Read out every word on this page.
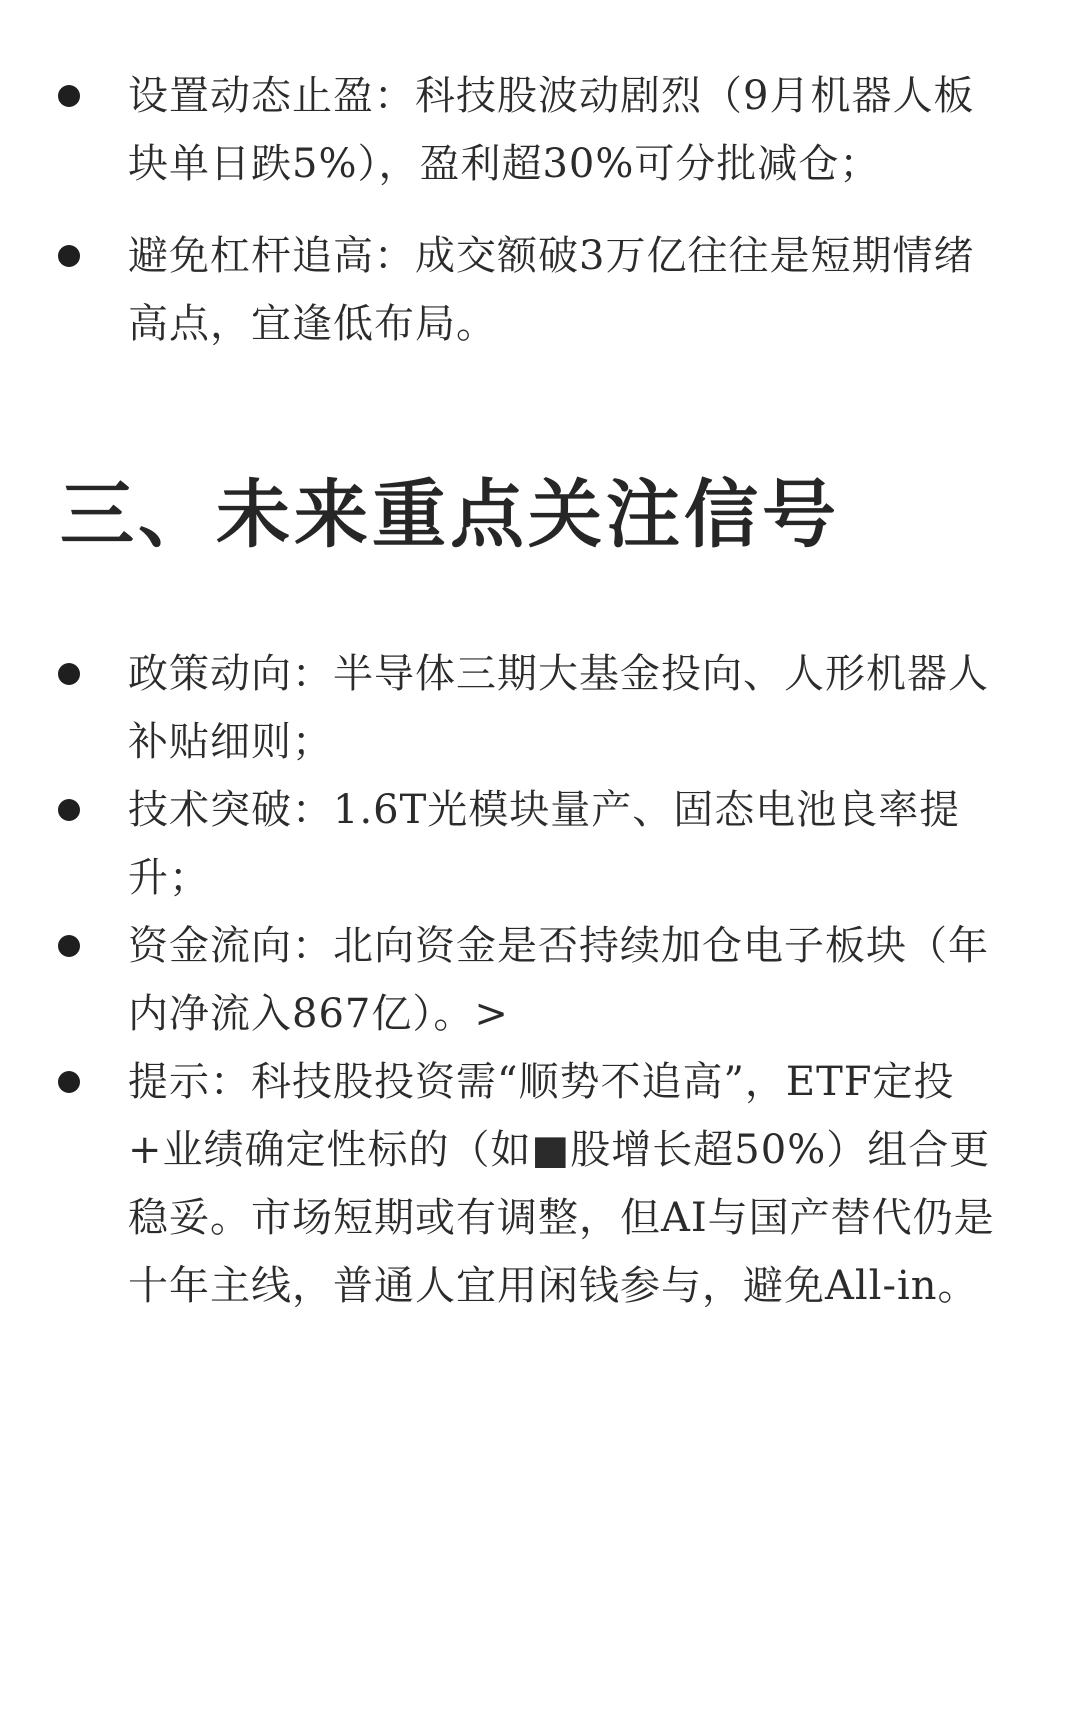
设置动态止盈：科技股波动剧烈（9月机器人板块单日跌5%），盈利超30%可分批减仓；
避免杠杆追高：成交额破3万亿往往是短期情绪高点，宜逢低布局。
三、未来重点关注信号
政策动向：半导体三期大基金投向、人形机器人补贴细则；
技术突破：1.6T光模块量产、固态电池良率提升；
资金流向：北向资金是否持续加仓电子板块（年内净流入867亿）。>
提示：科技股投资需“顺势不追高”，ETF定投+业绩确定性标的（如■股增长超50%）组合更稳妥。市场短期或有调整，但AI与国产替代仍是十年主线，普通人宜用闲钱参与，避免All-in。
